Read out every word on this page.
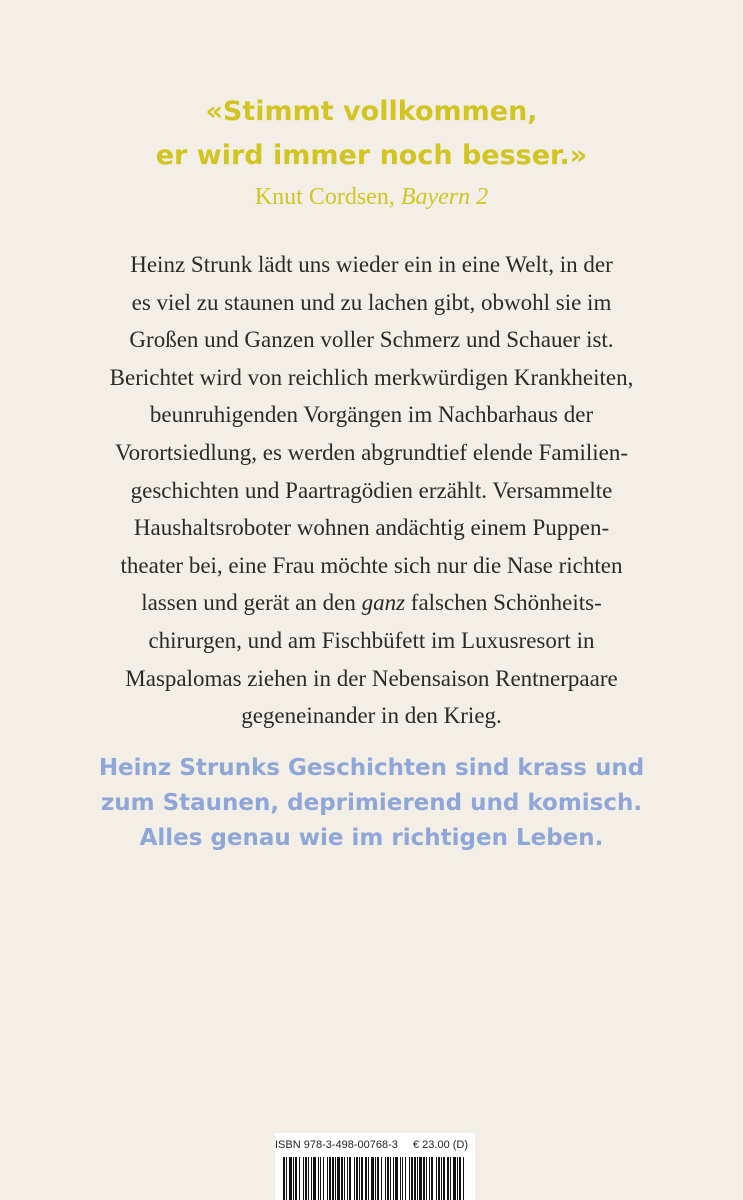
«Stimmt vollkommen,
er wird immer noch besser.»
Knut Cordsen, Bayern 2
Heinz Strunk lädt uns wieder ein in eine Welt, in der
es viel zu staunen und zu lachen gibt, obwohl sie im
Großen und Ganzen voller Schmerz und Schauer ist.
Berichtet wird von reichlich merkwürdigen Krankheiten,
beunruhigenden Vorgängen im Nachbarhaus der
Vorortsiedlung, es werden abgrundtief elende Familien-
geschichten und Paartragödien erzählt. Versammelte
Haushaltsroboter wohnen andächtig einem Puppen-
theater bei, eine Frau möchte sich nur die Nase richten
lassen und gerät an den ganz falschen Schönheits-
chirurgen, und am Fischbüfett im Luxusresort in
Maspalomas ziehen in der Nebensaison Rentnerpaare
gegeneinander in den Krieg.
Heinz Strunks Geschichten sind krass und
zum Staunen, deprimierend und komisch.
Alles genau wie im richtigen Leben.
ISBN 978-3-498-00768-3 € 23.00 (D)
